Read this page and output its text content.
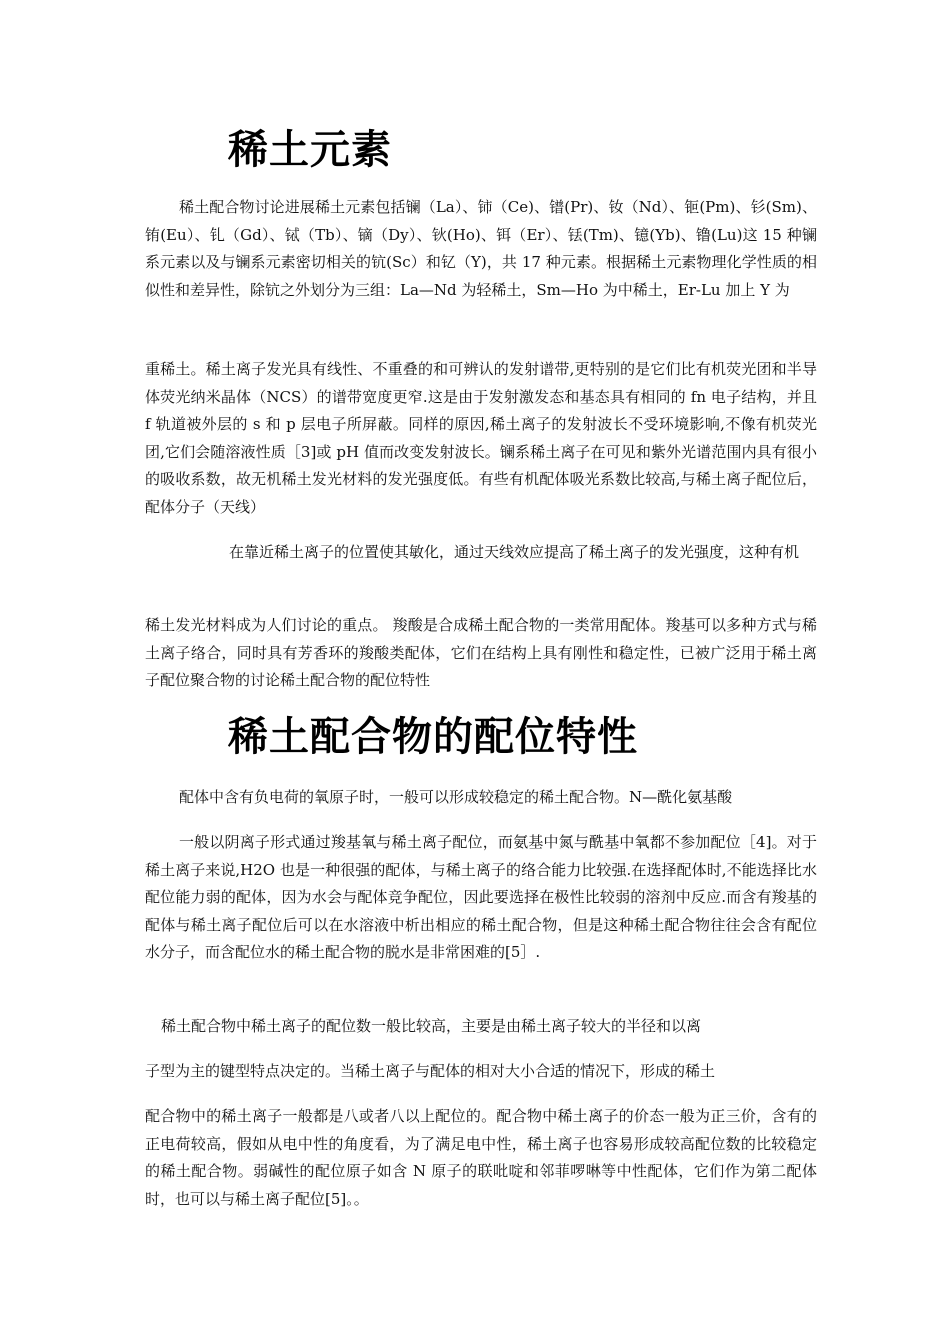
稀土元素

稀土配合物讨论进展稀土元素包括镧（La）、铈（Ce)、镨(Pr)、钕（Nd）、钷(Pm)、钐(Sm)、铕(Eu）、钆（Gd）、铽（Tb）、镝（Dy）、钬(Ho)、铒（Er）、铥(Tm)、镱(Yb)、镥(Lu)这 15 种镧系元素以及与镧系元素密切相关的钪(Sc）和钇（Y)，共 17 种元素。根据稀土元素物理化学性质的相似性和差异性，除钪之外划分为三组：La—Nd 为轻稀土，Sm—Ho 为中稀土，Er-Lu 加上 Y 为

重稀土。稀土离子发光具有线性、不重叠的和可辨认的发射谱带,更特别的是它们比有机荧光团和半导体荧光纳米晶体（NCS）的谱带宽度更窄.这是由于发射激发态和基态具有相同的 fn 电子结构，并且 f 轨道被外层的 s 和 p 层电子所屏蔽。同样的原因,稀土离子的发射波长不受环境影响,不像有机荧光团,它们会随溶液性质［3]或 pH 值而改变发射波长。镧系稀土离子在可见和紫外光谱范围内具有很小的吸收系数，故无机稀土发光材料的发光强度低。有些有机配体吸光系数比较高,与稀土离子配位后，配体分子（天线）

在靠近稀土离子的位置使其敏化，通过天线效应提高了稀土离子的发光强度，这种有机

稀土发光材料成为人们讨论的重点。 羧酸是合成稀土配合物的一类常用配体。羧基可以多种方式与稀土离子络合，同时具有芳香环的羧酸类配体，它们在结构上具有刚性和稳定性，已被广泛用于稀土离子配位聚合物的讨论稀土配合物的配位特性

稀土配合物的配位特性

配体中含有负电荷的氧原子时，一般可以形成较稳定的稀土配合物。N—酰化氨基酸

一般以阴离子形式通过羧基氧与稀土离子配位，而氨基中氮与酰基中氧都不参加配位［4]。对于稀土离子来说,H2O 也是一种很强的配体，与稀土离子的络合能力比较强.在选择配体时,不能选择比水配位能力弱的配体，因为水会与配体竞争配位，因此要选择在极性比较弱的溶剂中反应.而含有羧基的配体与稀土离子配位后可以在水溶液中析出相应的稀土配合物，但是这种稀土配合物往往会含有配位水分子，而含配位水的稀土配合物的脱水是非常困难的[5］.

稀土配合物中稀土离子的配位数一般比较高，主要是由稀土离子较大的半径和以离

子型为主的键型特点决定的。当稀土离子与配体的相对大小合适的情况下，形成的稀土

配合物中的稀土离子一般都是八或者八以上配位的。配合物中稀土离子的价态一般为正三价，含有的正电荷较高，假如从电中性的角度看，为了满足电中性，稀土离子也容易形成较高配位数的比较稳定的稀土配合物。弱碱性的配位原子如含 N 原子的联吡啶和邻菲啰啉等中性配体，它们作为第二配体时，也可以与稀土离子配位[5]。。
